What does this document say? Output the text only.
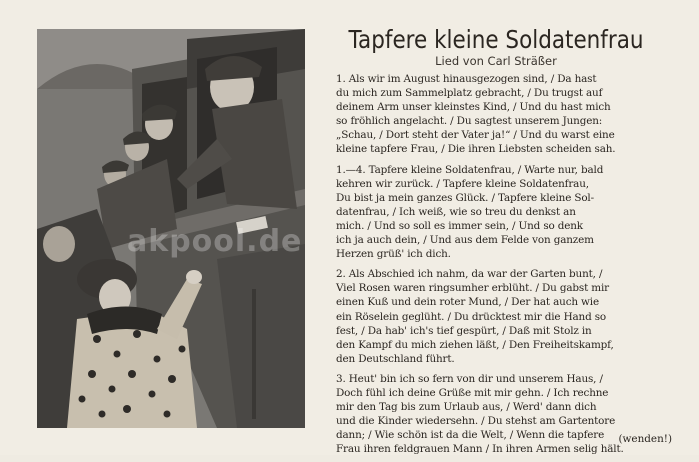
akpool.de
Tapfere kleine Soldatenfrau
Lied von Carl Sträßer
1. Als wir im August hinausgezogen sind, / Da hast
du mich zum Sammelplatz gebracht, / Du trugst auf
deinem Arm unser kleinstes Kind, / Und du hast mich
so fröhlich angelacht. / Du sagtest unserem Jungen:
„Schau, / Dort steht der Vater ja!“ / Und du warst eine
kleine tapfere Frau, / Die ihren Liebsten scheiden sah.
1.—4. Tapfere kleine Soldatenfrau, / Warte nur, bald
kehren wir zurück. / Tapfere kleine Soldatenfrau,
Du bist ja mein ganzes Glück. / Tapfere kleine Sol-
datenfrau, / Ich weiß, wie so treu du denkst an
mich. / Und so soll es immer sein, / Und so denk
ich ja auch dein, / Und aus dem Felde von ganzem
Herzen grüß' ich dich.
2. Als Abschied ich nahm, da war der Garten bunt, /
Viel Rosen waren ringsumher erblüht. / Du gabst mir
einen Kuß und dein roter Mund, / Der hat auch wie
ein Röselein geglüht. / Du drücktest mir die Hand so
fest, / Da hab' ich's tief gespürt, / Daß mit Stolz in
den Kampf du mich ziehen läßt, / Den Freiheitskampf,
den Deutschland führt.
3. Heut' bin ich so fern von dir und unserem Haus, /
Doch fühl ich deine Grüße mit mir gehn. / Ich rechne
mir den Tag bis zum Urlaub aus, / Werd' dann dich
und die Kinder wiedersehn. / Du stehst am Gartentore
dann; / Wie schön ist da die Welt, / Wenn die tapfere
Frau ihren feldgrauen Mann / In ihren Armen selig hält.
(wenden!)
